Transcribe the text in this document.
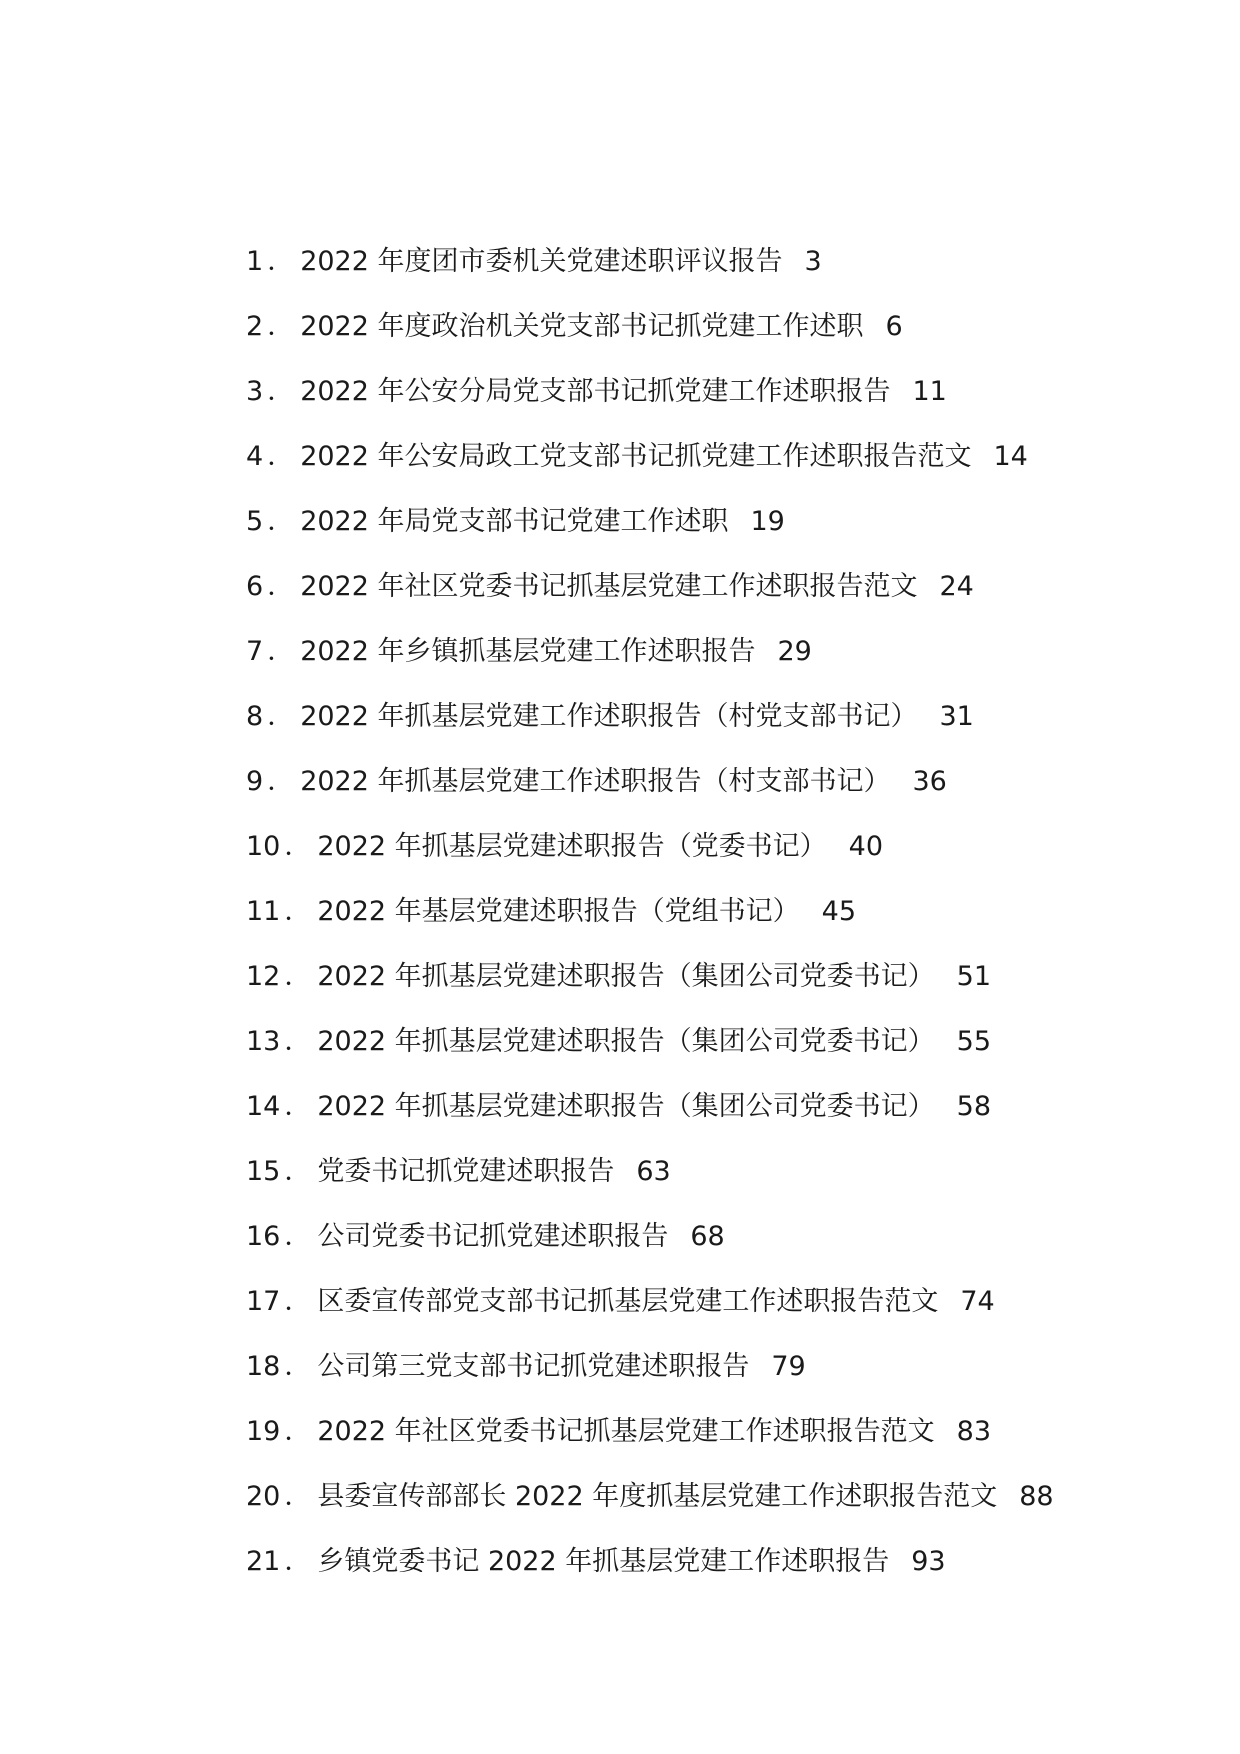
1 ． 2022 年度团市委机关党建述职评议报告 3
2 ． 2022 年度政治机关党支部书记抓党建工作述职 6
3 ． 2022 年公安分局党支部书记抓党建工作述职报告 11
4 ． 2022 年公安局政工党支部书记抓党建工作述职报告范文 14
5 ． 2022 年局党支部书记党建工作述职 19
6 ． 2022 年社区党委书记抓基层党建工作述职报告范文 24
7 ． 2022 年乡镇抓基层党建工作述职报告 29
8 ． 2022 年抓基层党建工作述职报告（村党支部书记） 31
9 ． 2022 年抓基层党建工作述职报告（村支部书记） 36
10 ． 2022 年抓基层党建述职报告（党委书记） 40
11 ． 2022 年基层党建述职报告（党组书记） 45
12 ． 2022 年抓基层党建述职报告（集团公司党委书记） 51
13 ． 2022 年抓基层党建述职报告（集团公司党委书记） 55
14 ． 2022 年抓基层党建述职报告（集团公司党委书记） 58
15 ． 党委书记抓党建述职报告 63
16 ． 公司党委书记抓党建述职报告 68
17 ． 区委宣传部党支部书记抓基层党建工作述职报告范文 74
18 ． 公司第三党支部书记抓党建述职报告 79
19 ． 2022 年社区党委书记抓基层党建工作述职报告范文 83
20 ． 县委宣传部部长 2022 年度抓基层党建工作述职报告范文 88
21 ． 乡镇党委书记 2022 年抓基层党建工作述职报告 93
